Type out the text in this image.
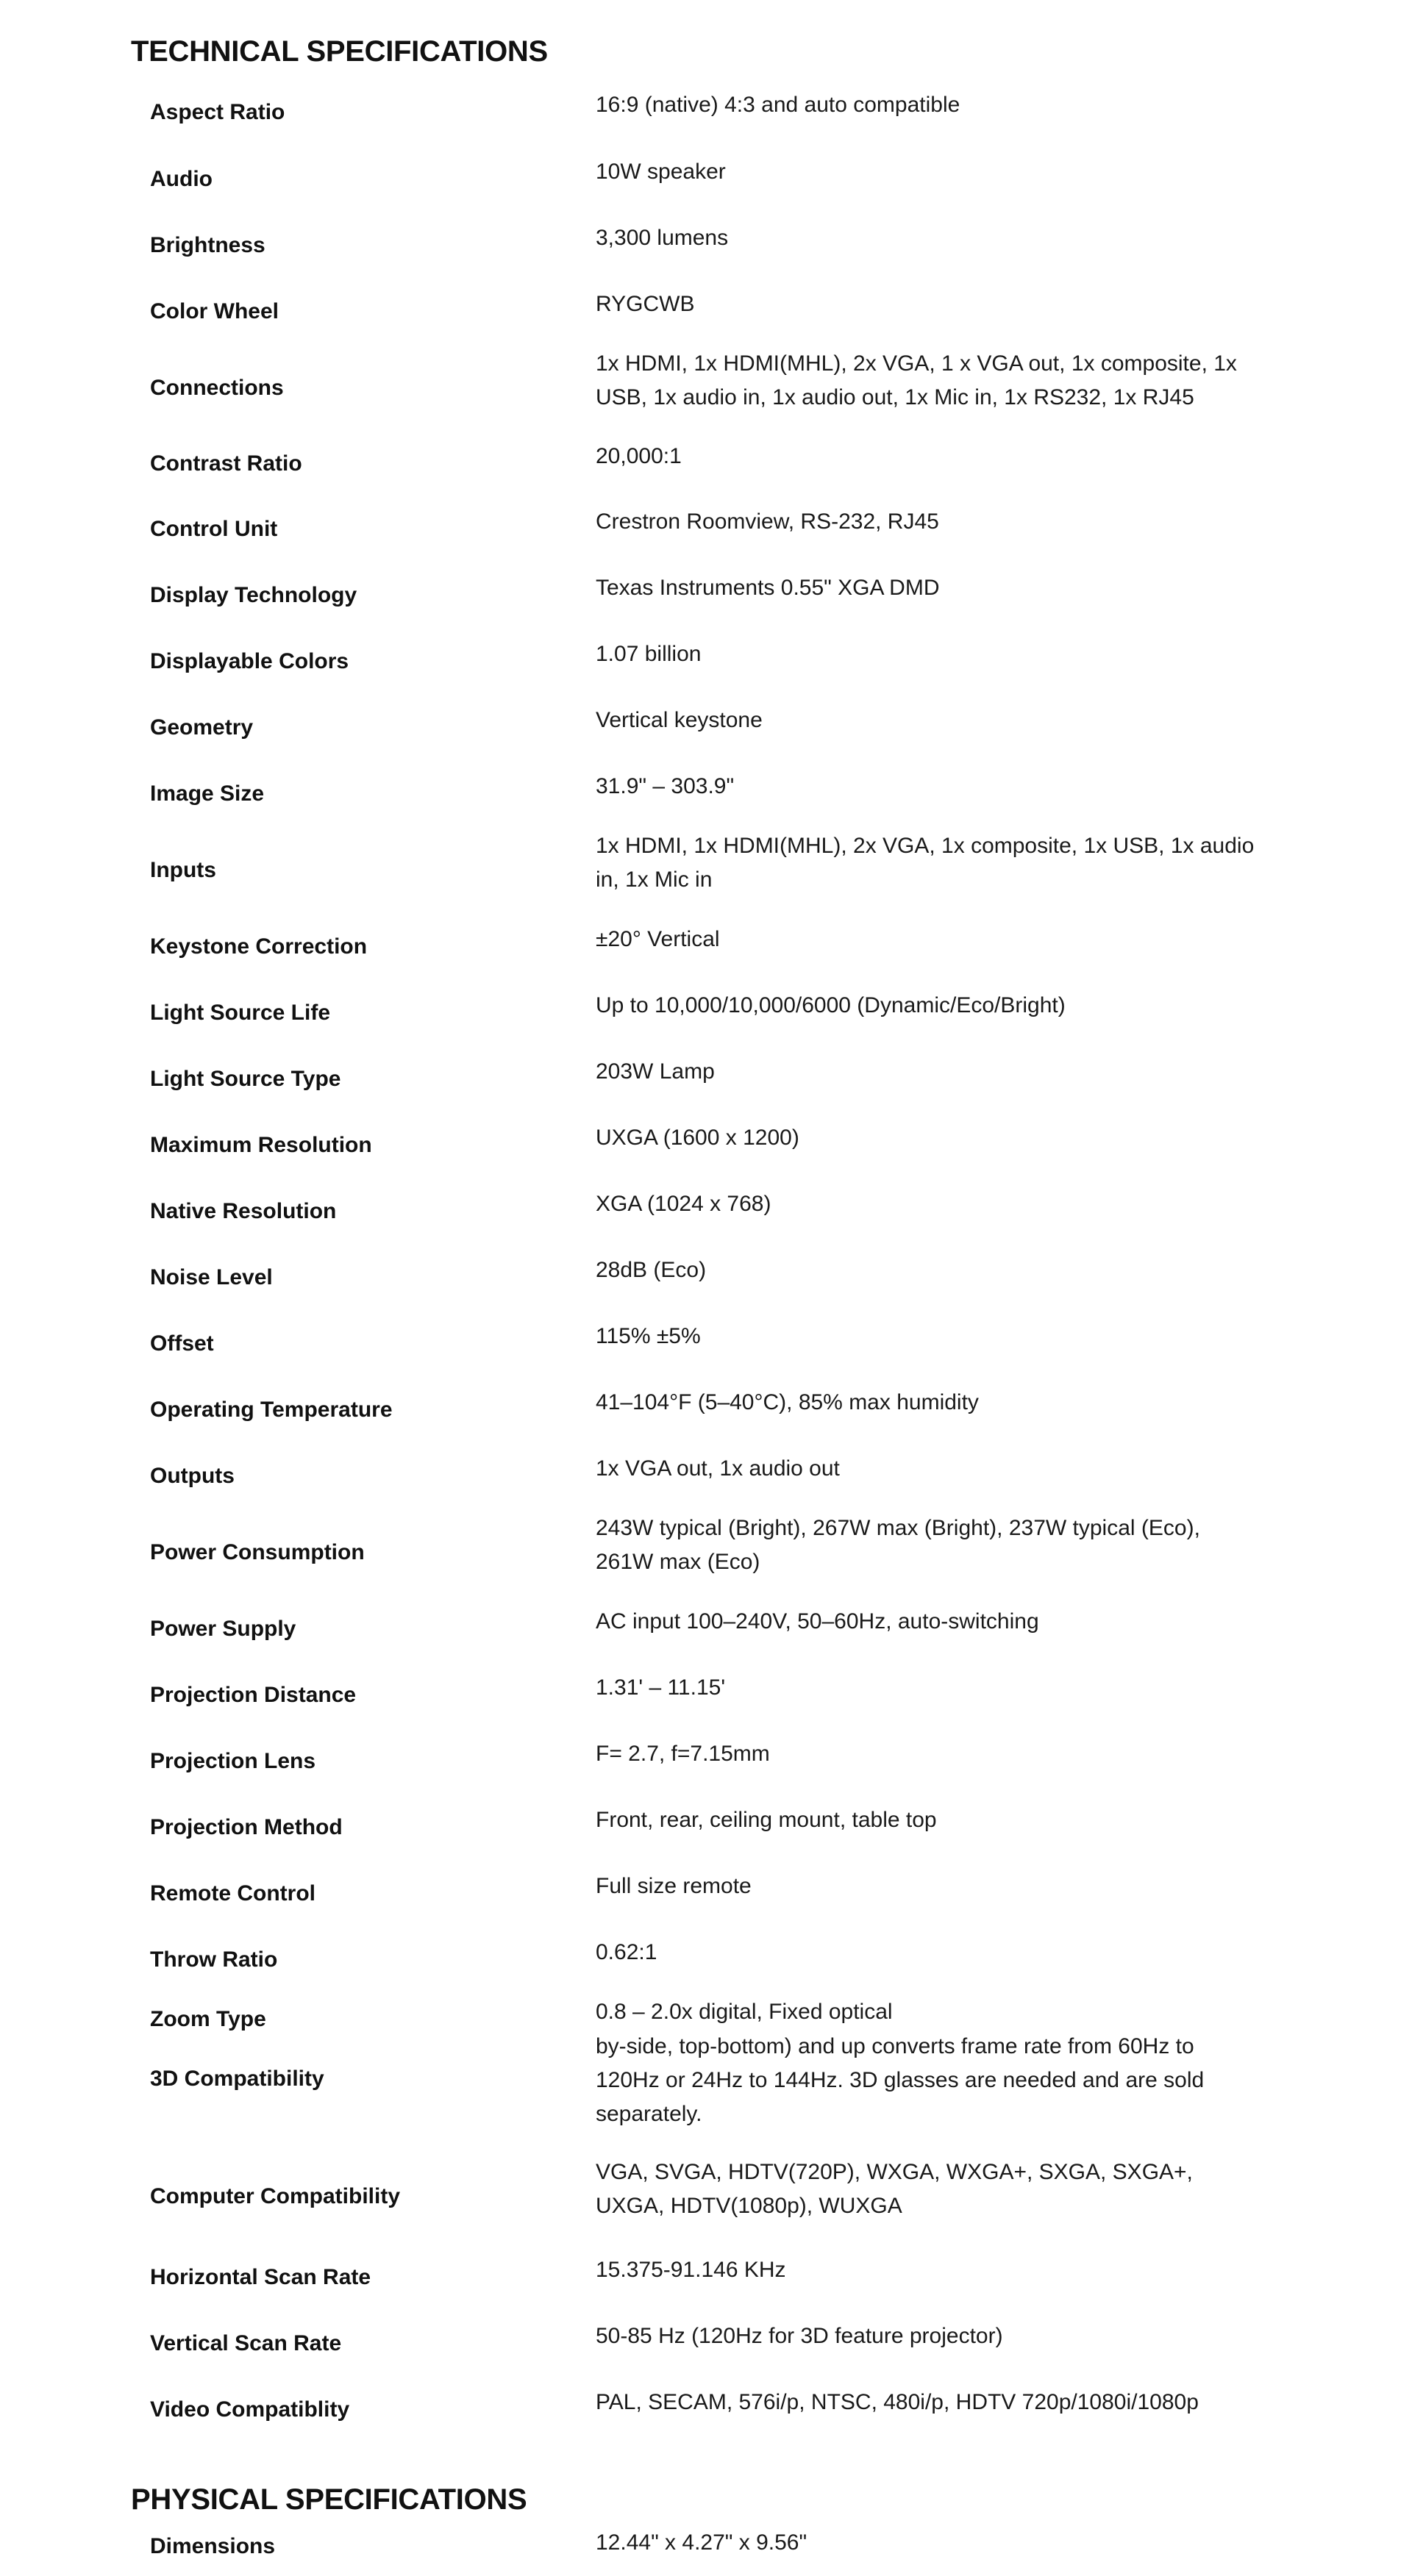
TECHNICAL SPECIFICATIONS
Aspect Ratio	16:9 (native) 4:3 and auto compatible

Audio	10W speaker

Brightness	3,300 lumens

Color Wheel	RYGCWB

Connections	1x HDMI, 1x HDMI(MHL), 2x VGA, 1 x VGA out, 1x composite, 1x USB, 1x audio in, 1x audio out, 1x Mic in, 1x RS232, 1x RJ45

Contrast Ratio	20,000:1

Control Unit	Crestron Roomview, RS-232, RJ45

Display Technology	Texas Instruments 0.55" XGA DMD

Displayable Colors	1.07 billion

Geometry	Vertical keystone

Image Size	31.9" – 303.9"

Inputs	1x HDMI, 1x HDMI(MHL), 2x VGA, 1x composite, 1x USB, 1x audio in, 1x Mic in

Keystone Correction	±20° Vertical

Light Source Life	Up to 10,000/10,000/6000 (Dynamic/Eco/Bright)

Light Source Type	203W Lamp

Maximum Resolution	UXGA (1600 x 1200)

Native Resolution	XGA (1024 x 768)

Noise Level	28dB (Eco)

Offset	115% ±5%

Operating Temperature	41–104°F (5–40°C), 85% max humidity

Outputs	1x VGA out, 1x audio out

Power Consumption	243W typical (Bright), 267W max (Bright), 237W typical (Eco), 261W max (Eco)

Power Supply	AC input 100–240V, 50–60Hz, auto-switching

Projection Distance	1.31' – 11.15'

Projection Lens	F= 2.7, f=7.15mm

Projection Method	Front, rear, ceiling mount, table top

Remote Control	Full size remote

Throw Ratio	0.62:1

Zoom Type	0.8 – 2.0x digital, Fixed optical

3D Compatibility	by-side, top-bottom) and up converts frame rate from 60Hz to 120Hz or 24Hz to 144Hz. 3D glasses are needed and are sold separately.

Computer Compatibility	VGA, SVGA, HDTV(720P), WXGA, WXGA+, SXGA, SXGA+, UXGA, HDTV(1080p), WUXGA

Horizontal Scan Rate	15.375-91.146 KHz

Vertical Scan Rate	50-85 Hz (120Hz for 3D feature projector)

Video Compatiblity	PAL, SECAM, 576i/p, NTSC, 480i/p, HDTV 720p/1080i/1080p
PHYSICAL SPECIFICATIONS
Dimensions	12.44" x 4.27" x 9.56"
